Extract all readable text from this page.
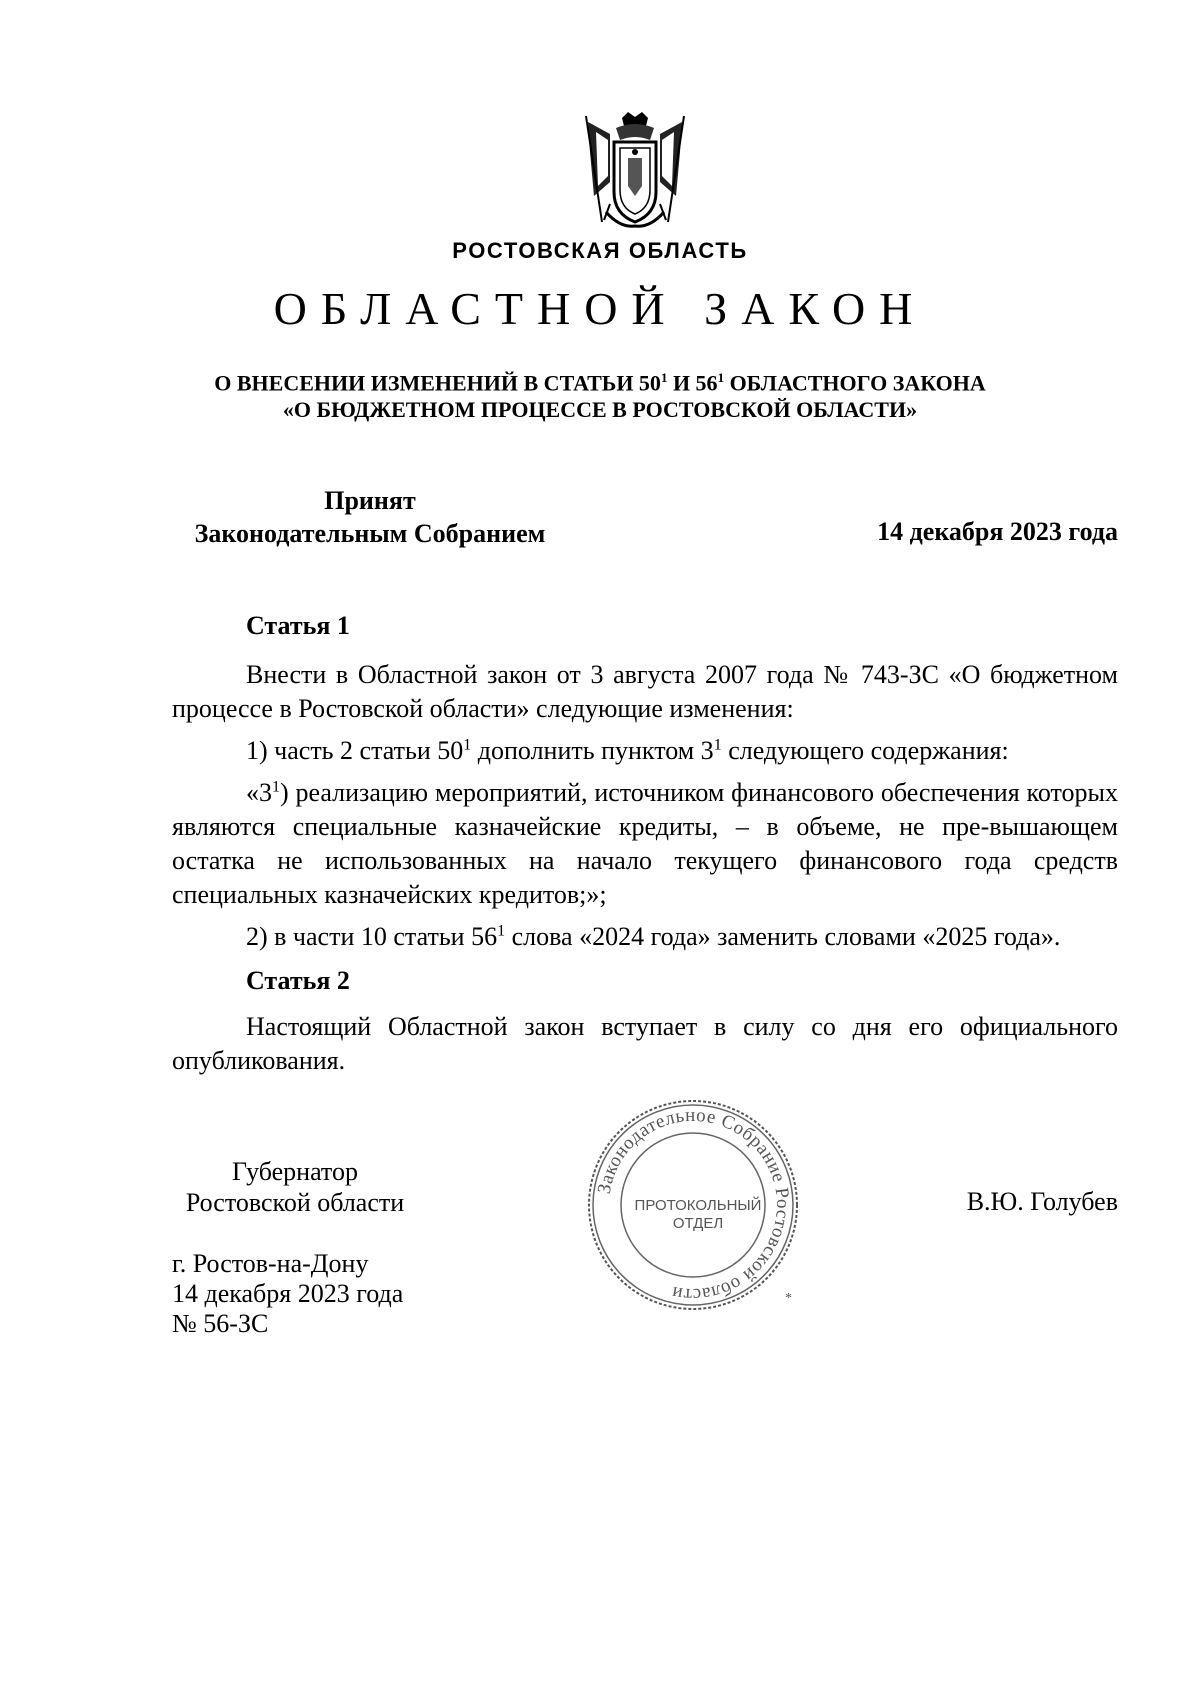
РОСТОВСКАЯ ОБЛАСТЬ
ОБЛАСТНОЙ ЗАКОН
О ВНЕСЕНИИ ИЗМЕНЕНИЙ В СТАТЬИ $50^1$ И $56^1$ ОБЛАСТНОГО ЗАКОНА
«О БЮДЖЕТНОМ ПРОЦЕССЕ В РОСТОВСКОЙ ОБЛАСТИ»
Принят
Законодательным Собранием	14 декабря 2023 года
Статья 1

Внести в Областной закон от 3 августа 2007 года № 743-ЗС «О бюджетном процессе в Ростовской области» следующие изменения:

1) часть 2 статьи $50^1$ дополнить пунктом $3^1$ следующего содержания:

«$3^1$) реализацию мероприятий, источником финансового обеспечения которых являются специальные казначейские кредиты, – в объеме, не пре-вышающем остатка не использованных на начало текущего финансового года средств специальных казначейских кредитов;»;

2) в части 10 статьи $56^1$ слова «2024 года» заменить словами «2025 года».

Статья 2

Настоящий Областной закон вступает в силу со дня его официального опубликования.

Губернатор
Ростовской области	В.Ю. Голубев
г. Ростов-на-Дону
14 декабря 2023 года
№ 56-ЗС
Законодательное Собрание Ростовской области	*
ПРОТОКОЛЬНЫЙ
ОТДЕЛ
